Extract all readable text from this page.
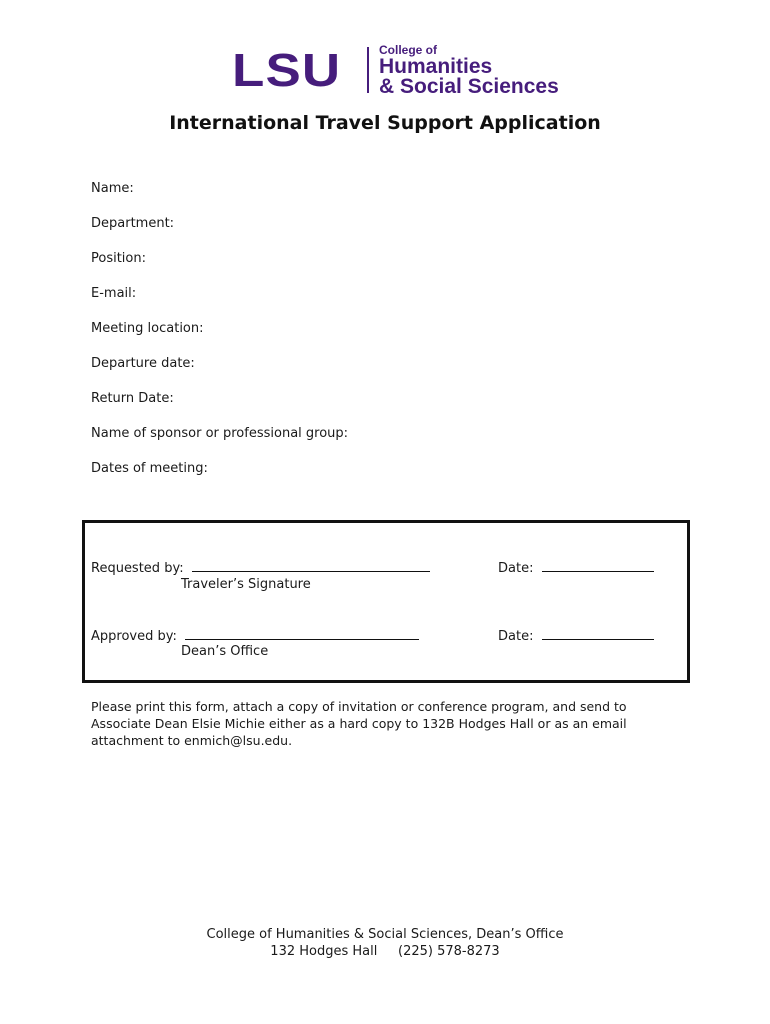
LSU	College of
Humanities
& Social Sciences
International Travel Support Application
Name:
Department:
Position:
E-mail:
Meeting location:
Departure date:
Return Date:
Name of sponsor or professional group:
Dates of meeting:
Requested by:
Traveler’s Signature
Date:
Approved by:
Dean’s Office
Date:
Please print this form, attach a copy of invitation or conference program, and send to Associate Dean Elsie Michie either as a hard copy to 132B Hodges Hall or as an email attachment to enmich@lsu.edu.
College of Humanities & Social Sciences, Dean’s Office
132 Hodges Hall     (225) 578-8273
